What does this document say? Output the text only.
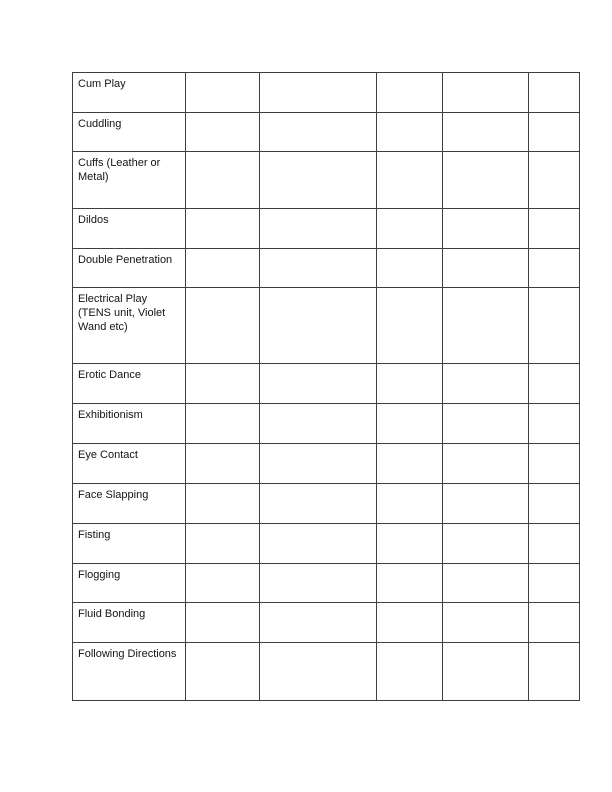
Cum Play					
Cuddling					
Cuffs (Leather or Metal)					
Dildos					
Double Penetration					
Electrical Play (TENS unit, Violet Wand etc)					
Erotic Dance					
Exhibitionism					
Eye Contact					
Face Slapping					
Fisting					
Flogging					
Fluid Bonding					
Following Directions					
